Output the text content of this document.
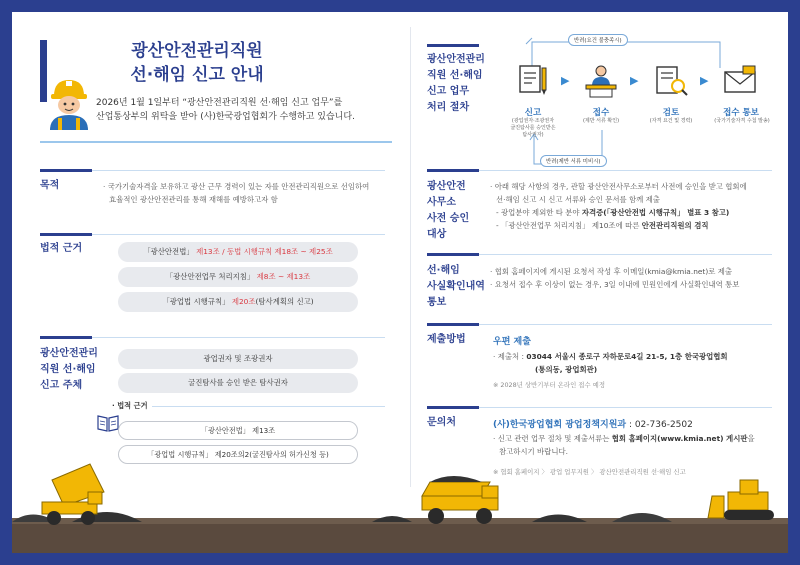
광산안전관리직원
선·해임 신고 안내
2026년 1월 1일부터 “광산안전관리직원 선·해임 신고 업무”를
산업통상부의 위탁을 받아 (사)한국광업협회가 수행하고 있습니다.
목적	· 국가기술자격을 보유하고 광산 근무 경력이 있는 자를 안전관리직원으로 선임하여
효율적인 광산안전관리를 통해 재해를 예방하고자 함
법적 근거	「광산안전법」 제13조 / 동법 시행규칙 제18조 ~ 제25조
「광산안전업무 처리지침」 제8조 ~ 제13조
「광업법 시행규칙」 제20조(탐사계획의 신고)
광산안전관리
직원 선·해임
신고 주체
광업권자 및 조광권자
굴진탐사를 승인 받은 탐사권자
· 법적 근거
「광산안전법」 제13조
「광업법 시행규칙」 제20조의2(굴진탐사의 허가신청 등)
광산안전관리
직원 선·해임
신고 업무
처리 절차
반려(요건 불충족시)
반려(제반 서류 미비시)
▶	▶	▶
신고
(광업권자·조광권자
굴진탐사를 승인받은
탐사권자)
접수
(제반 서류 확인)
검토
(자격 요건 및 경력)
접수 통보
(국가기술자격 수첩 발송)
광산안전
사무소
사전 승인
대상
· 아래 해당 사항의 경우, 관할 광산안전사무소로부터 사전에 승인을 받고 협회에
선·해임 신고 시 신고 서류와 승인 문서를 함께 제출
- 광업분야 제외한 타 분야 자격증(「광산안전법 시행규칙」 별표 3 참고)
- 「광산안전업무 처리지침」 제10조에 따른 안전관리직원의 겸직
선·해임
사실확인내역
통보
· 협회 홈페이지에 게시된 요청서 작성 후 이메일(kmia@kmia.net)로 제출
· 요청서 접수 후 이상이 없는 경우, 3일 이내에 민원인에게 사실확인내역 통보
제출방법	우편 제출
· 제출처 : 03044 서울시 종로구 자하문로4길 21-5, 1층 한국광업협회
(통의동, 광업회관)
※ 2028년 상반기부터 온라인 접수 예정
문의처	(사)한국광업협회 광업정책지원과 : 02-736-2502
· 신고 관련 업무 절차 및 제출서류는 협회 홈페이지(www.kmia.net) 게시판을
참고하시기 바랍니다.
※ 협회 홈페이지 〉 광업 업무지원 〉 광산안전관리직원 선·해임 신고
